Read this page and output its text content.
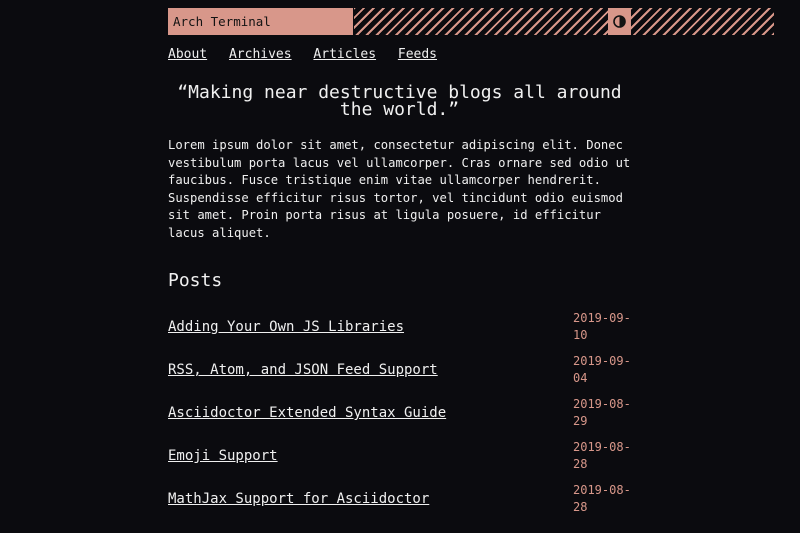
Arch Terminal
About Archives Articles Feeds
“Making near destructive blogs all around the world.”

Lorem ipsum dolor sit amet, consectetur adipiscing elit. Donec vestibulum porta lacus vel ullamcorper. Cras ornare sed odio ut faucibus. Fusce tristique enim vitae ullamcorper hendrerit. Suspendisse efficitur risus tortor, vel tincidunt odio euismod sit amet. Proin porta risus at ligula posuere, id efficitur lacus aliquet.

Posts
Adding Your Own JS Libraries
2019-09-10
RSS, Atom, and JSON Feed Support
2019-09-04
Asciidoctor Extended Syntax Guide
2019-08-29
Emoji Support
2019-08-28
MathJax Support for Asciidoctor
2019-08-28
